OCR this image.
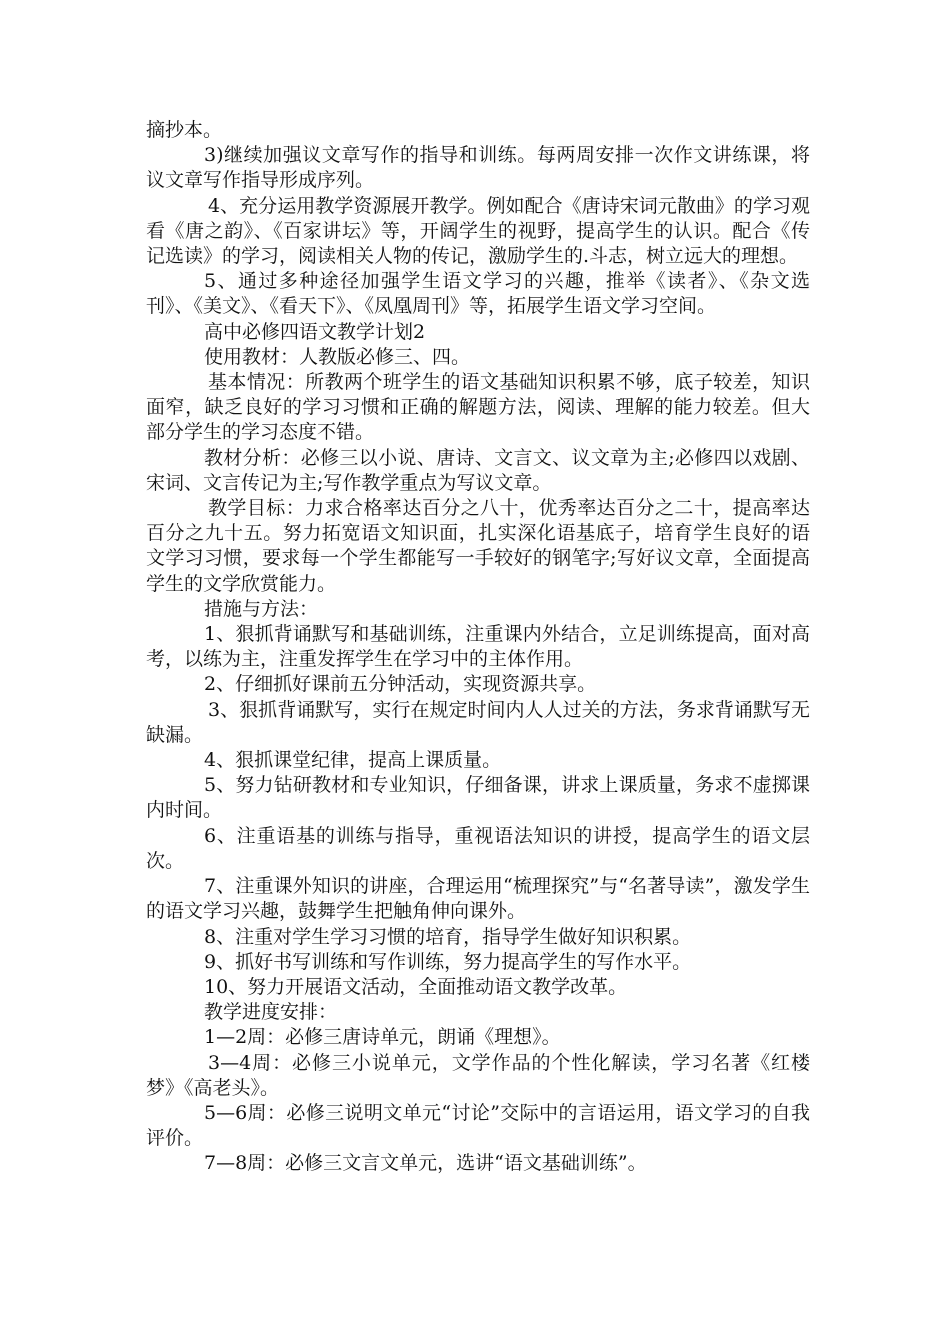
摘抄本。

3)继续加强议文章写作的指导和训练。每两周安排一次作文讲练课，将议文章写作指导形成序列。

4、充分运用教学资源展开教学。例如配合《唐诗宋词元散曲》的学习观看《唐之韵》、《百家讲坛》等，开阔学生的视野，提高学生的认识。配合《传记选读》的学习，阅读相关人物的传记，激励学生的.斗志，树立远大的理想。

5、通过多种途径加强学生语文学习的兴趣，推举《读者》、《杂文选刊》、《美文》、《看天下》、《凤凰周刊》等，拓展学生语文学习空间。

高中必修四语文教学计划2

使用教材：人教版必修三、四。

基本情况：所教两个班学生的语文基础知识积累不够，底子较差，知识面窄，缺乏良好的学习习惯和正确的解题方法，阅读、理解的能力较差。但大部分学生的学习态度不错。

教材分析：必修三以小说、唐诗、文言文、议文章为主;必修四以戏剧、宋词、文言传记为主;写作教学重点为写议文章。

教学目标：力求合格率达百分之八十，优秀率达百分之二十，提高率达百分之九十五。努力拓宽语文知识面，扎实深化语基底子，培育学生良好的语文学习习惯，要求每一个学生都能写一手较好的钢笔字;写好议文章，全面提高学生的文学欣赏能力。

措施与方法：

1、狠抓背诵默写和基础训练，注重课内外结合，立足训练提高，面对高考，以练为主，注重发挥学生在学习中的主体作用。

2、仔细抓好课前五分钟活动，实现资源共享。

3、狠抓背诵默写，实行在规定时间内人人过关的方法，务求背诵默写无缺漏。

4、狠抓课堂纪律，提高上课质量。

5、努力钻研教材和专业知识，仔细备课，讲求上课质量，务求不虚掷课内时间。

6、注重语基的训练与指导，重视语法知识的讲授，提高学生的语文层次。

7、注重课外知识的讲座，合理运用“梳理探究”与“名著导读”，激发学生的语文学习兴趣，鼓舞学生把触角伸向课外。

8、注重对学生学习习惯的培育，指导学生做好知识积累。

9、抓好书写训练和写作训练，努力提高学生的写作水平。

10、努力开展语文活动，全面推动语文教学改革。

教学进度安排：

1—2周：必修三唐诗单元，朗诵《理想》。

3—4周：必修三小说单元，文学作品的个性化解读，学习名著《红楼梦》《高老头》。

5—6周：必修三说明文单元“讨论”交际中的言语运用，语文学习的自我评价。

7—8周：必修三文言文单元，选讲“语文基础训练”。
